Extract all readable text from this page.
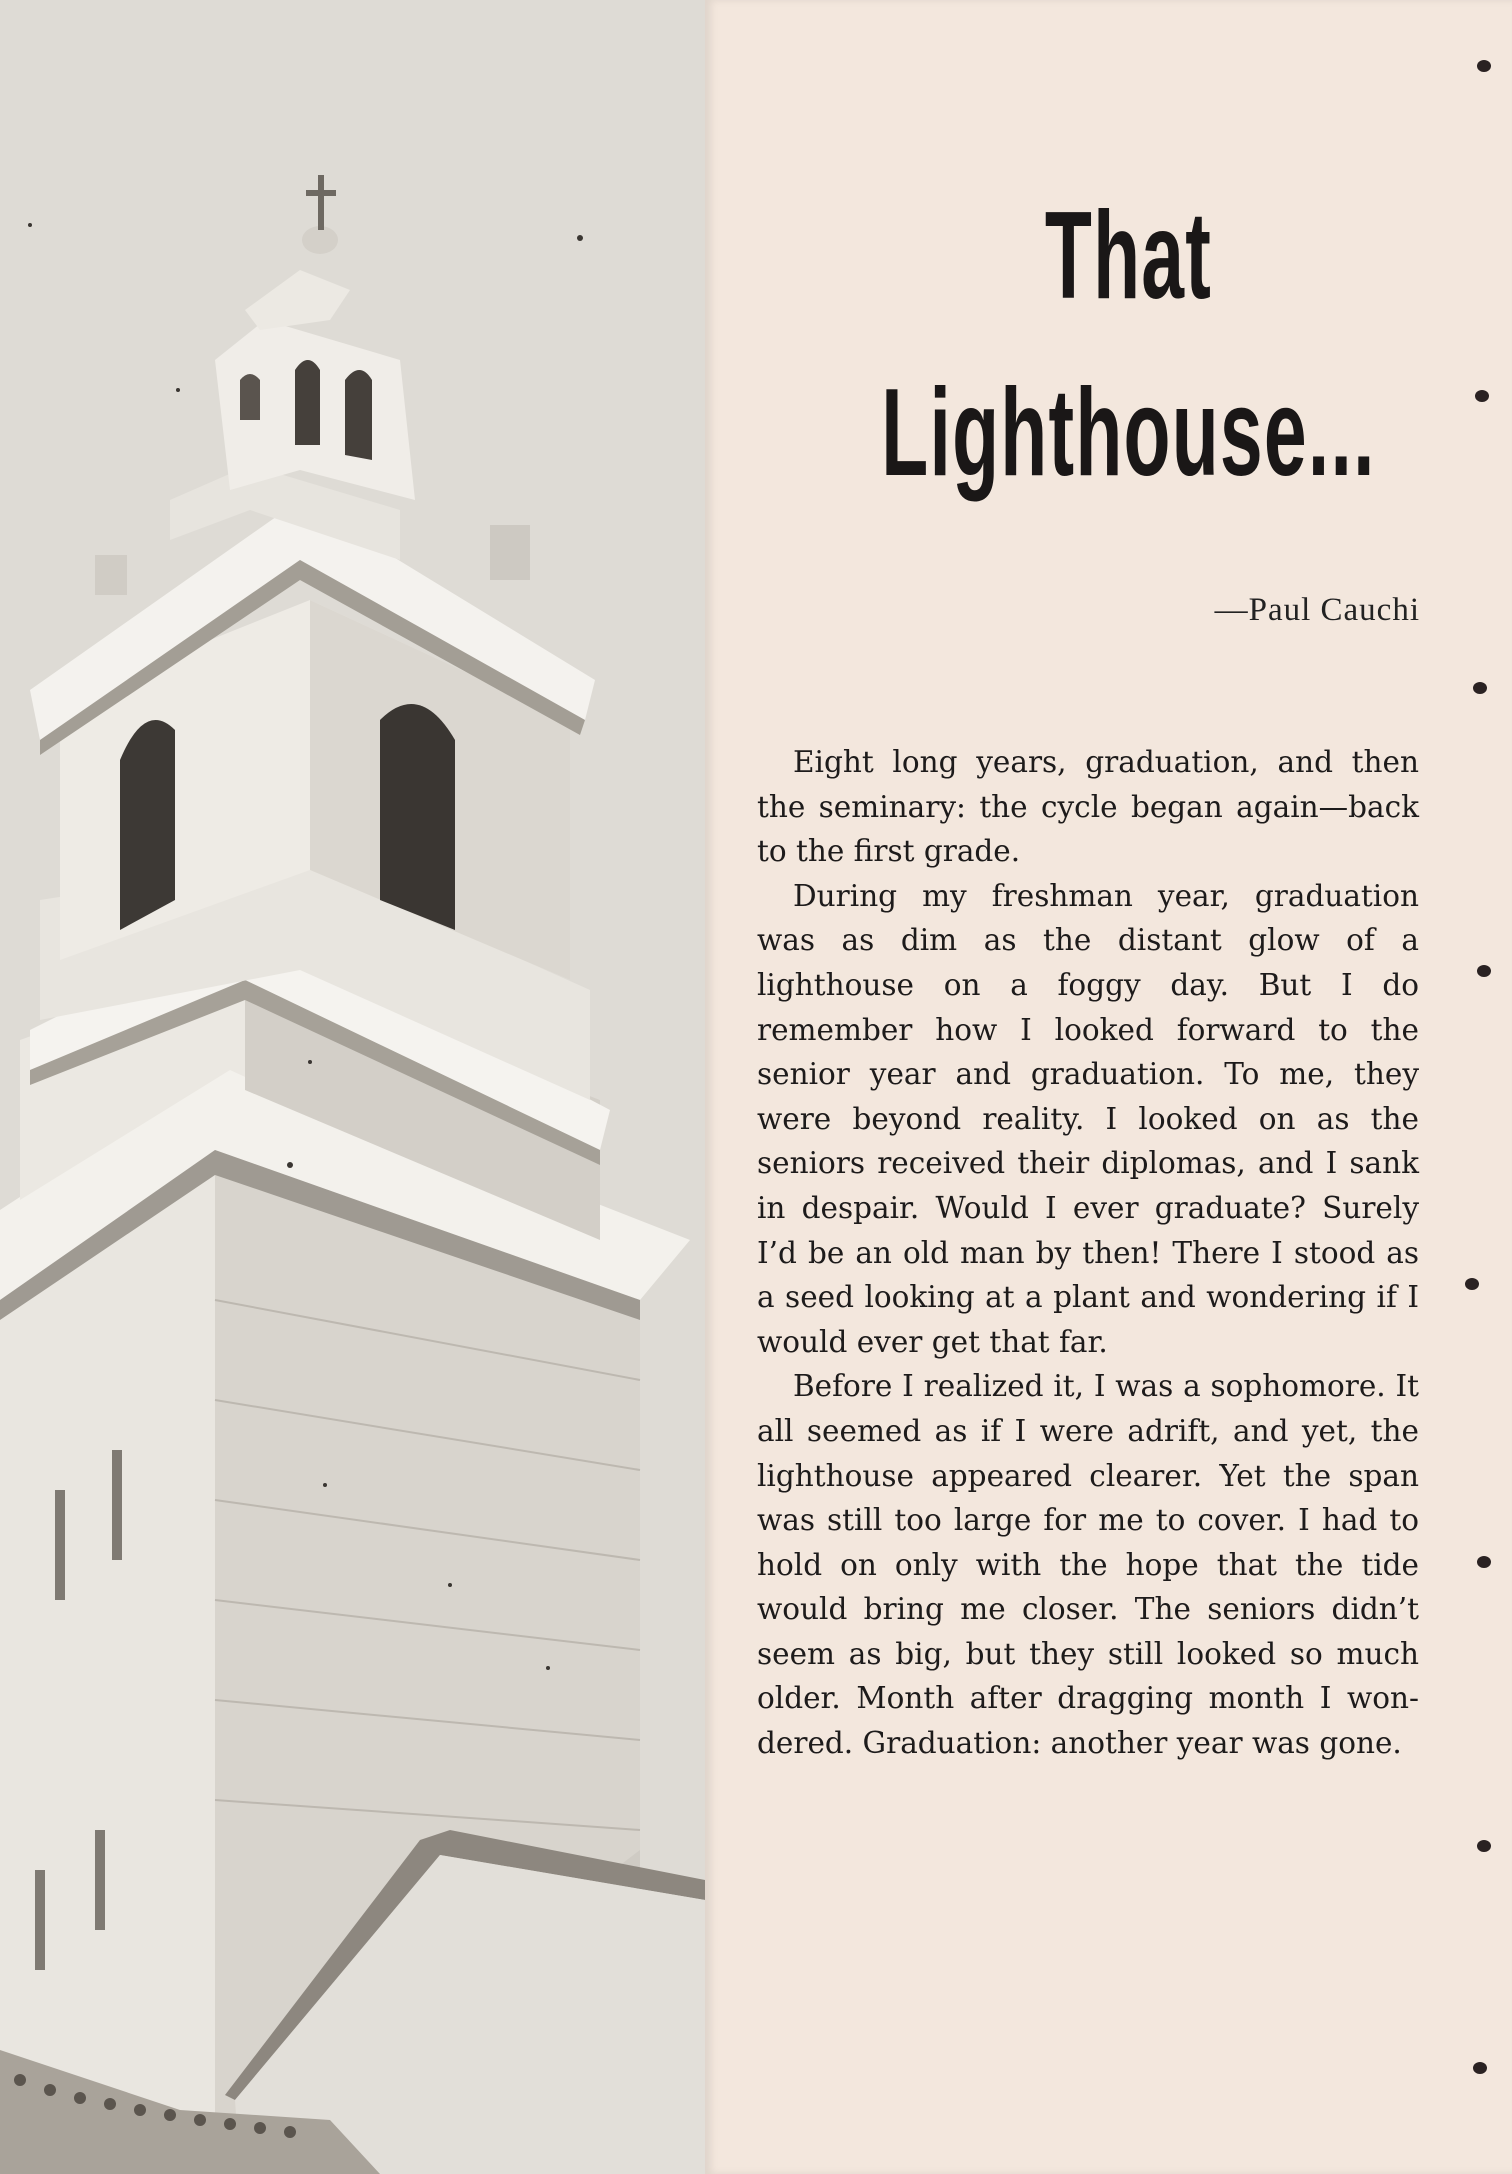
That
Lighthouse...
—Paul Cauchi

Eight long years, graduation, and then the seminary: the cycle began again—back to the first grade.

During my freshman year, graduation was as dim as the distant glow of a lighthouse on a foggy day. But I do remember how I looked forward to the senior year and graduation. To me, they were beyond reality. I looked on as the seniors received their diplomas, and I sank in despair. Would I ever graduate? Surely I’d be an old man by then! There I stood as a seed looking at a plant and wondering if I would ever get that far.

Before I realized it, I was a sophomore. It all seemed as if I were adrift, and yet, the lighthouse appeared clearer. Yet the span was still too large for me to cover. I had to hold on only with the hope that the tide would bring me closer. The seniors didn’t seem as big, but they still looked so much older. Month after dragging month I wondered. Graduation: another year was gone.
